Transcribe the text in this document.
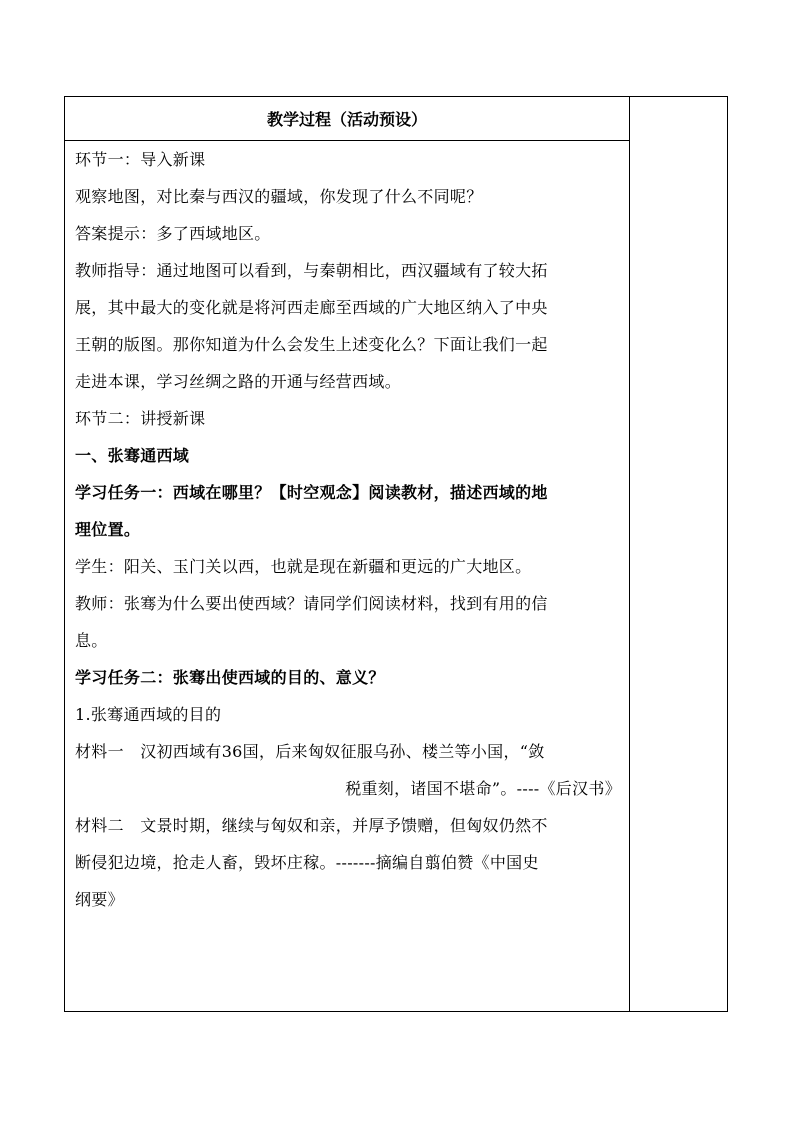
教学过程（活动预设）
环节一：导入新课
观察地图，对比秦与西汉的疆域，你发现了什么不同呢？
答案提示：多了西域地区。
教师指导：通过地图可以看到，与秦朝相比，西汉疆域有了较大拓
展，其中最大的变化就是将河西走廊至西域的广大地区纳入了中央
王朝的版图。那你知道为什么会发生上述变化么？下面让我们一起
走进本课，学习丝绸之路的开通与经营西域。
环节二：讲授新课
一、张骞通西域
学习任务一：西域在哪里？【时空观念】阅读教材，描述西域的地
理位置。
学生：阳关、玉门关以西，也就是现在新疆和更远的广大地区。
教师：张骞为什么要出使西域？请同学们阅读材料，找到有用的信
息。
学习任务二：张骞出使西域的目的、意义？
1.张骞通西域的目的
材料一　汉初西域有36国，后来匈奴征服乌孙、楼兰等小国，“敛
税重刻，诸国不堪命”。----《后汉书》
材料二　文景时期，继续与匈奴和亲，并厚予馈赠，但匈奴仍然不
断侵犯边境，抢走人畜，毁坏庄稼。-------摘编自翦伯赞《中国史
纲要》
